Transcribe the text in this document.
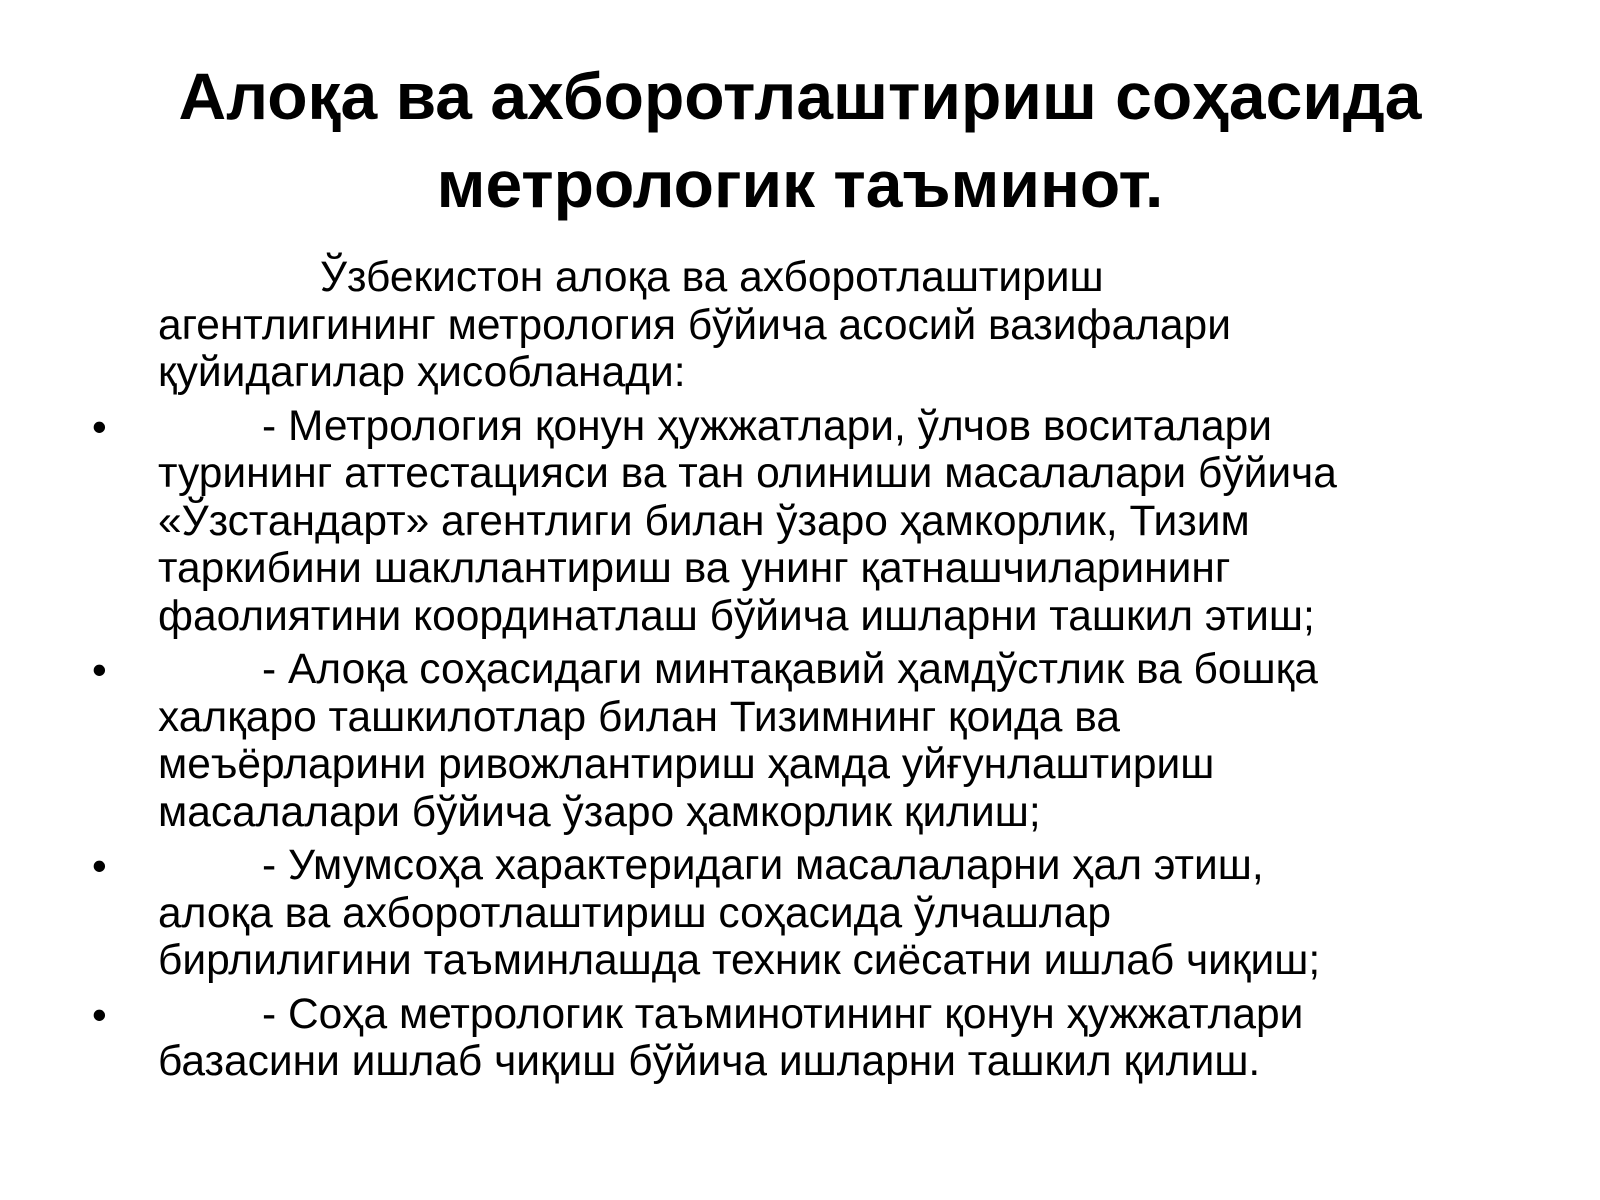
Алоқа ва ахборотлаштириш соҳасида
метрологик таъминот.

Ўзбекистон алоқа ва ахборотлаштириш
агентлигининг метрология бўйича асосий вазифалари
қуйидагилар ҳисобланади:

•	- Метрология қонун ҳужжатлари, ўлчов воситалари
турининг аттестацияси ва тан олиниши масалалари бўйича
«Ўзстандарт» агентлиги билан ўзаро ҳамкорлик, Тизим
таркибини шакллантириш ва унинг қатнашчиларининг
фаолиятини координатлаш бўйича ишларни ташкил этиш;

•	- Алоқа соҳасидаги минтақавий ҳамдўстлик ва бошқа
халқаро ташкилотлар билан Тизимнинг қоида ва
меъёрларини ривожлантириш ҳамда уйғунлаштириш
масалалари бўйича ўзаро ҳамкорлик қилиш;

•	- Умумсоҳа характеридаги масалаларни ҳал этиш,
алоқа ва ахборотлаштириш соҳасида ўлчашлар
бирлилигини таъминлашда техник сиёсатни ишлаб чиқиш;

•	- Соҳа метрологик таъминотининг қонун ҳужжатлари
базасини ишлаб чиқиш бўйича ишларни ташкил қилиш.
